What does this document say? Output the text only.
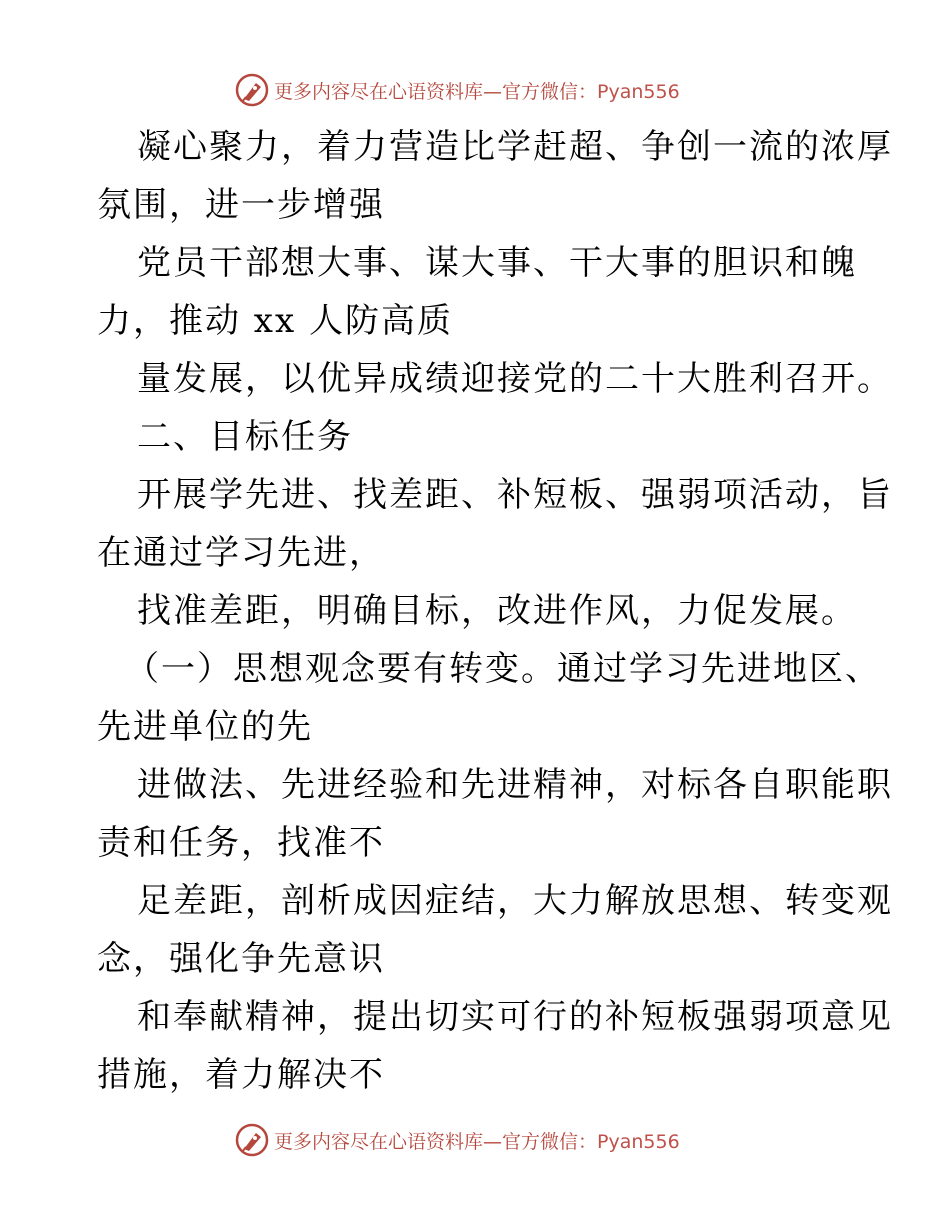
更多内容尽在心语资料库—官方微信：Pyan556
凝心聚力，着力营造比学赶超、争创一流的浓厚
氛围，进一步增强
党员干部想大事、谋大事、干大事的胆识和魄
力，推动 xx 人防高质
量发展，以优异成绩迎接党的二十大胜利召开。
二、目标任务
开展学先进、找差距、补短板、强弱项活动，旨
在通过学习先进，
找准差距，明确目标，改进作风，力促发展。
（一）思想观念要有转变。通过学习先进地区、
先进单位的先
进做法、先进经验和先进精神，对标各自职能职
责和任务，找准不
足差距，剖析成因症结，大力解放思想、转变观
念，强化争先意识
和奉献精神，提出切实可行的补短板强弱项意见
措施，着力解决不
更多内容尽在心语资料库—官方微信：Pyan556
